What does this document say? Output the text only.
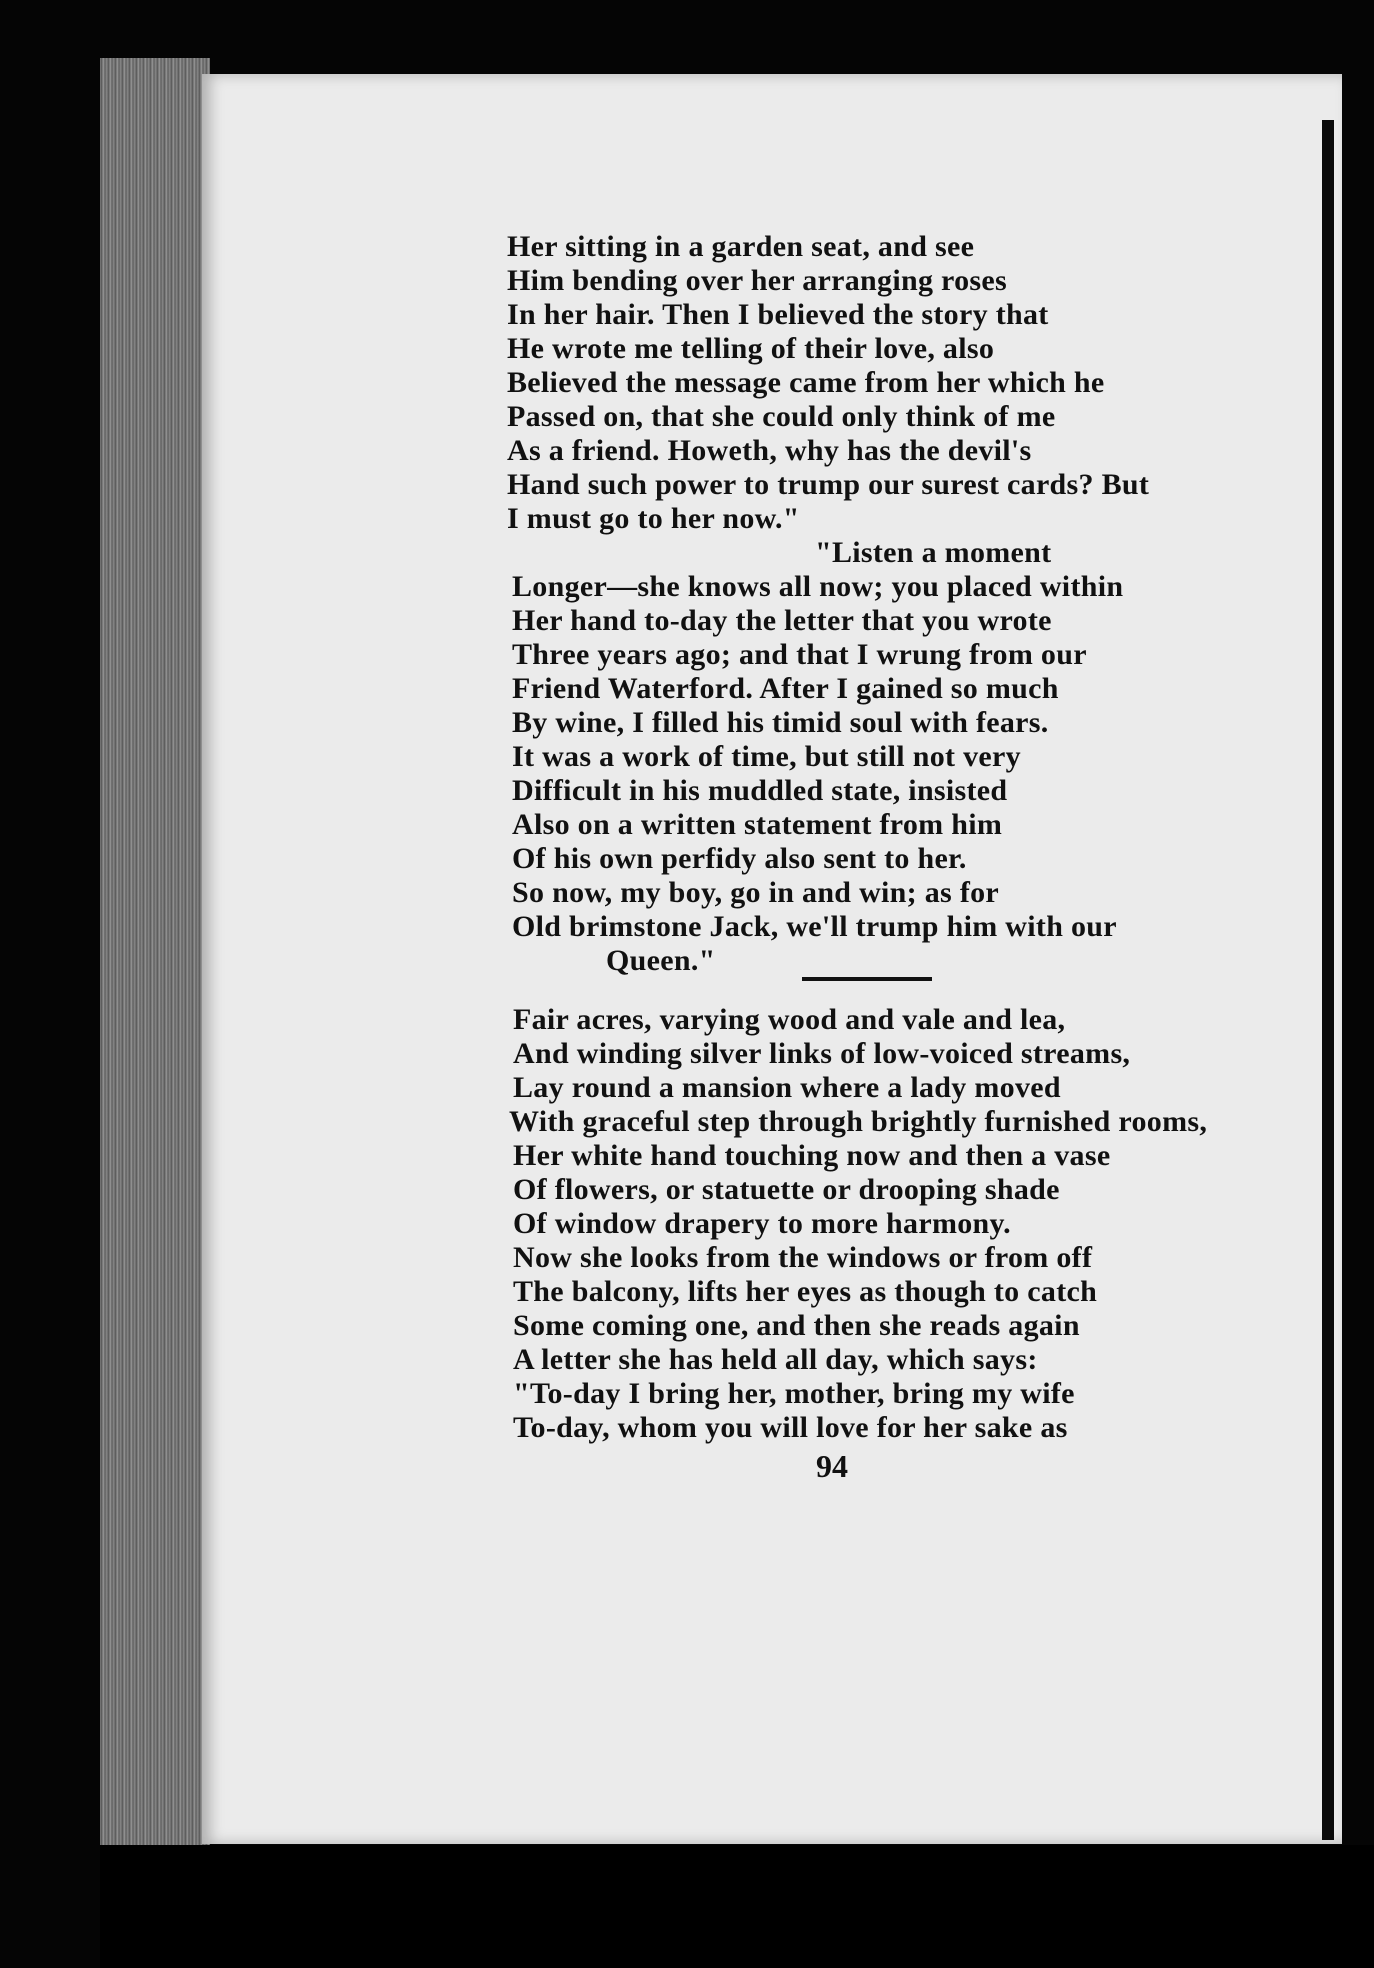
Her sitting in a garden seat, and see
Him bending over her arranging roses
In her hair. Then I believed the story that
He wrote me telling of their love, also
Believed the message came from her which he
Passed on, that she could only think of me
As a friend. Howeth, why has the devil's
Hand such power to trump our surest cards? But
I must go to her now."
"Listen a moment
Longer—she knows all now; you placed within
Her hand to-day the letter that you wrote
Three years ago; and that I wrung from our
Friend Waterford. After I gained so much
By wine, I filled his timid soul with fears.
It was a work of time, but still not very
Difficult in his muddled state, insisted
Also on a written statement from him
Of his own perfidy also sent to her.
So now, my boy, go in and win; as for
Old brimstone Jack, we'll trump him with our
Queen."
Fair acres, varying wood and vale and lea,
And winding silver links of low-voiced streams,
Lay round a mansion where a lady moved
With graceful step through brightly furnished rooms,
Her white hand touching now and then a vase
Of flowers, or statuette or drooping shade
Of window drapery to more harmony.
Now she looks from the windows or from off
The balcony, lifts her eyes as though to catch
Some coming one, and then she reads again
A letter she has held all day, which says:
"To-day I bring her, mother, bring my wife
To-day, whom you will love for her sake as
94
